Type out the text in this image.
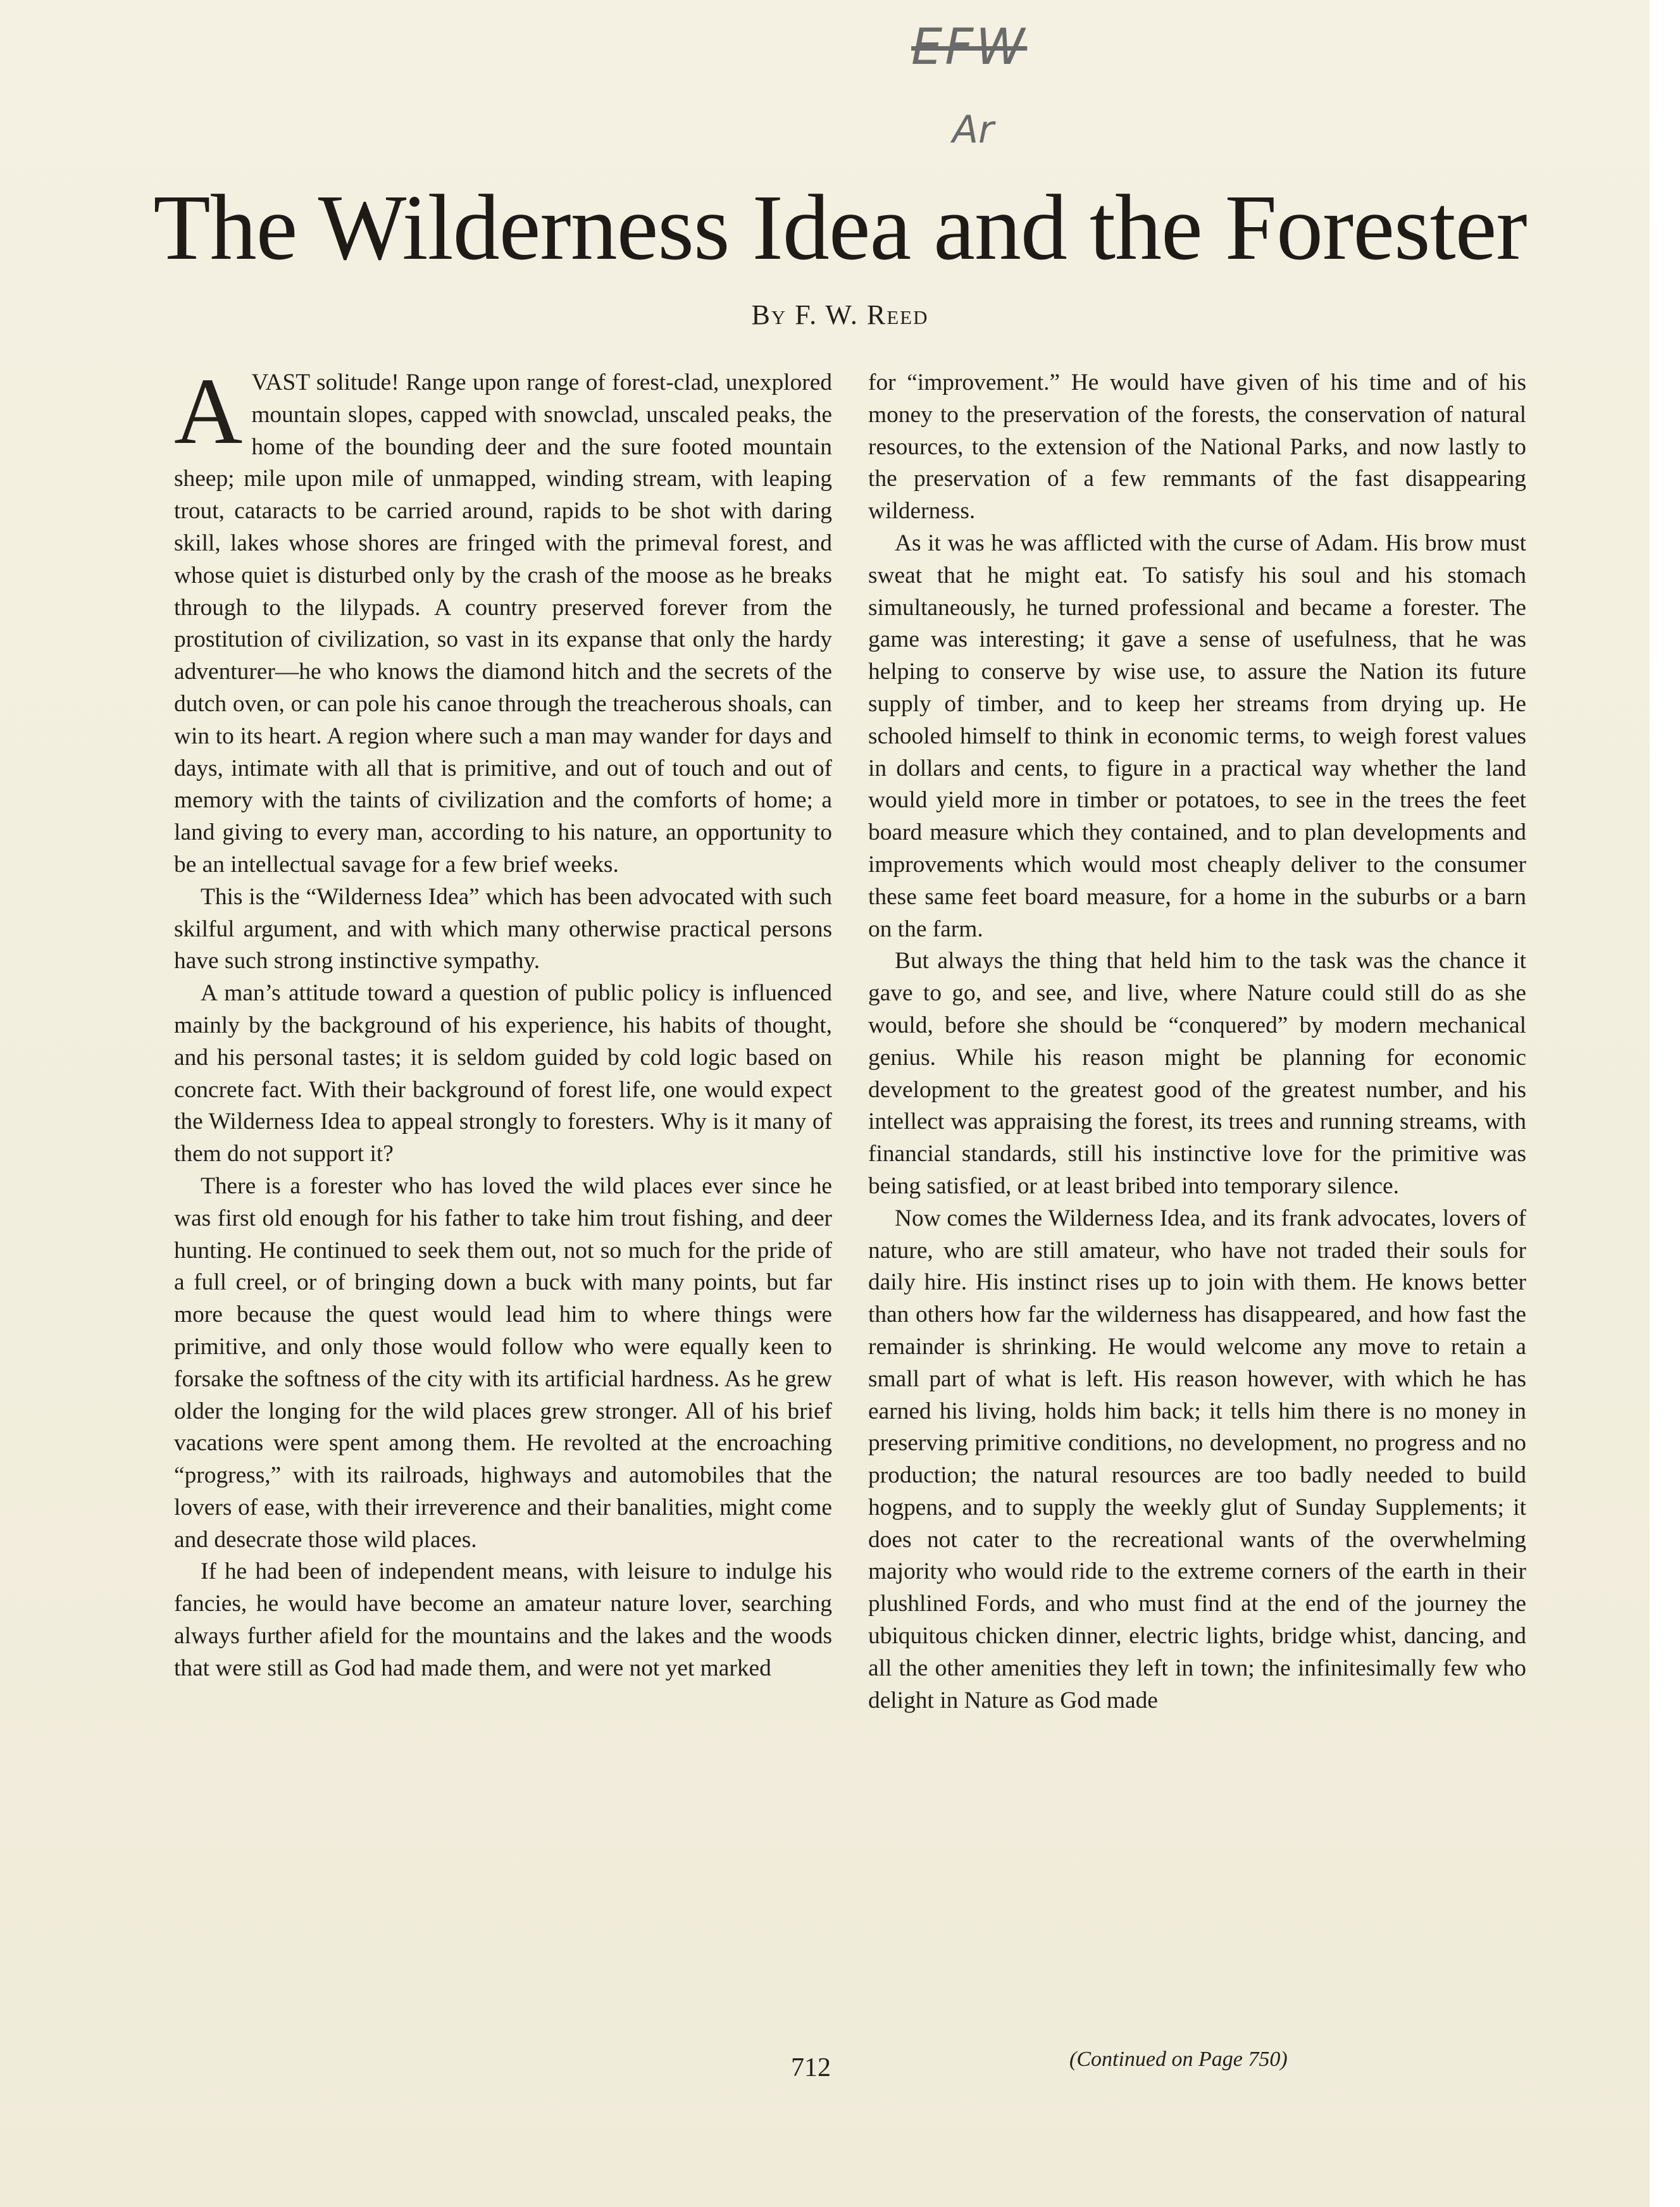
EFW
Ar
The Wilderness Idea and the Forester
By F. W. Reed

AVAST solitude! Range upon range of forest-clad, unexplored mountain slopes, capped with snowclad, unscaled peaks, the home of the bounding deer and the sure footed mountain sheep; mile upon mile of unmapped, winding stream, with leaping trout, cataracts to be carried around, rapids to be shot with daring skill, lakes whose shores are fringed with the primeval forest, and whose quiet is disturbed only by the crash of the moose as he breaks through to the lilypads. A country preserved forever from the prostitution of civilization, so vast in its expanse that only the hardy adventurer—he who knows the diamond hitch and the secrets of the dutch oven, or can pole his canoe through the treacherous shoals, can win to its heart. A region where such a man may wander for days and days, intimate with all that is primitive, and out of touch and out of memory with the taints of civilization and the comforts of home; a land giving to every man, according to his nature, an opportunity to be an intellectual savage for a few brief weeks.

This is the “Wilderness Idea” which has been advocated with such skilful argument, and with which many otherwise practical persons have such strong instinctive sympathy.

A man’s attitude toward a question of public policy is influenced mainly by the background of his experience, his habits of thought, and his personal tastes; it is seldom guided by cold logic based on concrete fact. With their background of forest life, one would expect the Wilderness Idea to appeal strongly to foresters. Why is it many of them do not support it?

There is a forester who has loved the wild places ever since he was first old enough for his father to take him trout fishing, and deer hunting. He continued to seek them out, not so much for the pride of a full creel, or of bringing down a buck with many points, but far more because the quest would lead him to where things were primitive, and only those would follow who were equally keen to forsake the softness of the city with its artificial hardness. As he grew older the longing for the wild places grew stronger. All of his brief vacations were spent among them. He revolted at the encroaching “progress,” with its railroads, highways and automobiles that the lovers of ease, with their irreverence and their banalities, might come and desecrate those wild places.

If he had been of independent means, with leisure to indulge his fancies, he would have become an amateur nature lover, searching always further afield for the mountains and the lakes and the woods that were still as God had made them, and were not yet marked

for “improvement.” He would have given of his time and of his money to the preservation of the forests, the conservation of natural resources, to the extension of the National Parks, and now lastly to the preservation of a few remmants of the fast disappearing wilderness.

As it was he was afflicted with the curse of Adam. His brow must sweat that he might eat. To satisfy his soul and his stomach simultaneously, he turned professional and became a forester. The game was interesting; it gave a sense of usefulness, that he was helping to conserve by wise use, to assure the Nation its future supply of timber, and to keep her streams from drying up. He schooled himself to think in economic terms, to weigh forest values in dollars and cents, to figure in a practical way whether the land would yield more in timber or potatoes, to see in the trees the feet board measure which they contained, and to plan developments and improvements which would most cheaply deliver to the consumer these same feet board measure, for a home in the suburbs or a barn on the farm.

But always the thing that held him to the task was the chance it gave to go, and see, and live, where Nature could still do as she would, before she should be “conquered” by modern mechanical genius. While his reason might be planning for economic development to the greatest good of the greatest number, and his intellect was appraising the forest, its trees and running streams, with financial standards, still his instinctive love for the primitive was being satisfied, or at least bribed into temporary silence.

Now comes the Wilderness Idea, and its frank advocates, lovers of nature, who are still amateur, who have not traded their souls for daily hire. His instinct rises up to join with them. He knows better than others how far the wilderness has disappeared, and how fast the remainder is shrinking. He would welcome any move to retain a small part of what is left. His reason however, with which he has earned his living, holds him back; it tells him there is no money in preserving primitive conditions, no development, no progress and no production; the natural resources are too badly needed to build hogpens, and to supply the weekly glut of Sunday Supplements; it does not cater to the recreational wants of the overwhelming majority who would ride to the extreme corners of the earth in their plushlined Fords, and who must find at the end of the journey the ubiquitous chicken dinner, electric lights, bridge whist, dancing, and all the other amenities they left in town; the infinitesimally few who delight in Nature as God made

712	(Continued on Page 750)
